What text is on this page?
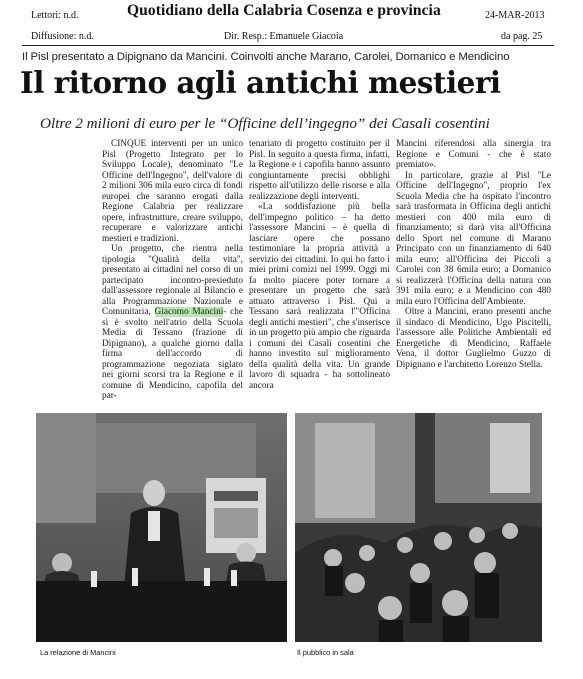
Lettori: n.d.	Quotidiano della Calabria Cosenza e provincia	24-MAR-2013
Diffusione: n.d.	Dir. Resp.: Emanuele Giacoia	da pag. 25
Il Pisl presentato a Dipignano da Mancini. Coinvolti anche Marano, Carolei, Domanico e Mendicino
Il ritorno agli antichi mestieri
Oltre 2 milioni di euro per le “Officine dell’ingegno” dei Casali cosentini

CINQUE interventi per un unico Pisl (Progetto Integrato per lo Sviluppo Locale), denominato "Le Officine dell'Ingegno", dell'valore di 2 milioni 306 mila euro circa di fondi europei che saranno erogati dalla Regione Calabria per realizzare opere, infrastrutture, creare sviluppo, recuperare e valorizzare antichi mestieri e tradizioni.

Un progetto, che rientra nella tipologia "Qualità della vita", presentato ai cittadini nel corso di un partecipato incontro-presieduto dall'assessore regionale al Bilancio e alla Programmazione Nazionale e Comunitaria, Giacomo Mancini- che si è svolto nell'atrio della Scuola Media di Tessano (frazione di Dipignano), a qualche giorno dalla firma dell'accordo di programmazione negoziata siglato nei giorni scorsi tra la Regione e il comune di Mendicino, capofila del par-

tenariato di progetto costituito per il Pisl. In seguito a questa firma, infatti, la Regione e i capofila hanno assunto congiuntamente precisi obblighi rispetto all'utilizzo delle risorse e alla realizzazione degli interventi.

«La soddisfazione più bella dell'impegno politico – ha detto l'assessore Mancini – è quella di lasciare opere che possano testimoniare la propria attività a servizio dei cittadini. Io qui ho fatto i miei primi comizi nel 1999. Oggi mi fa molto piacere poter tornare a presentare un progetto che sarà attuato attraverso i Pisl. Qui a Tessano sarà realizzata l'"Officina degli antichi mestieri", che s'inserisce in un progetto più ampio che riguarda i comuni dei Casali cosentini che hanno investito sul miglioramento della qualità della vita. Un grande lavoro di squadra - ha sottolineato ancora

Mancini riferendosi alla sinergia tra Regione e Comuni - che è stato premiato».

In particolare, grazie al Pisl "Le Officine dell'Ingegno", proprio l'ex Scuola Media che ha ospitato l'incontro sarà trasformata in Officina degli antichi mestieri con 400 mila euro di finanziamento; si darà vita all'Officina dello Sport nel comune di Marano Principato con un finanziamento di 640 mila euro; all'Officina dei Piccoli a Carolei con 38 6mila euro; a Domanico si realizzerà l'Officina della natura con 391 mila euro; e a Mendicino con 480 mila euro l'Officina dell'Ambiente.

Oltre a Mancini, erano presenti anche il sindaco di Mendicino, Ugo Piscitelli, l'assessore alle Politiche Ambientali ed Energetiche di Mendicino, Raffaele Vena, il dottor Guglielmo Guzzo di Dipignano e l'architetto Lorenzo Stella.

La relazione di Mancini	Il pubblico in sala
